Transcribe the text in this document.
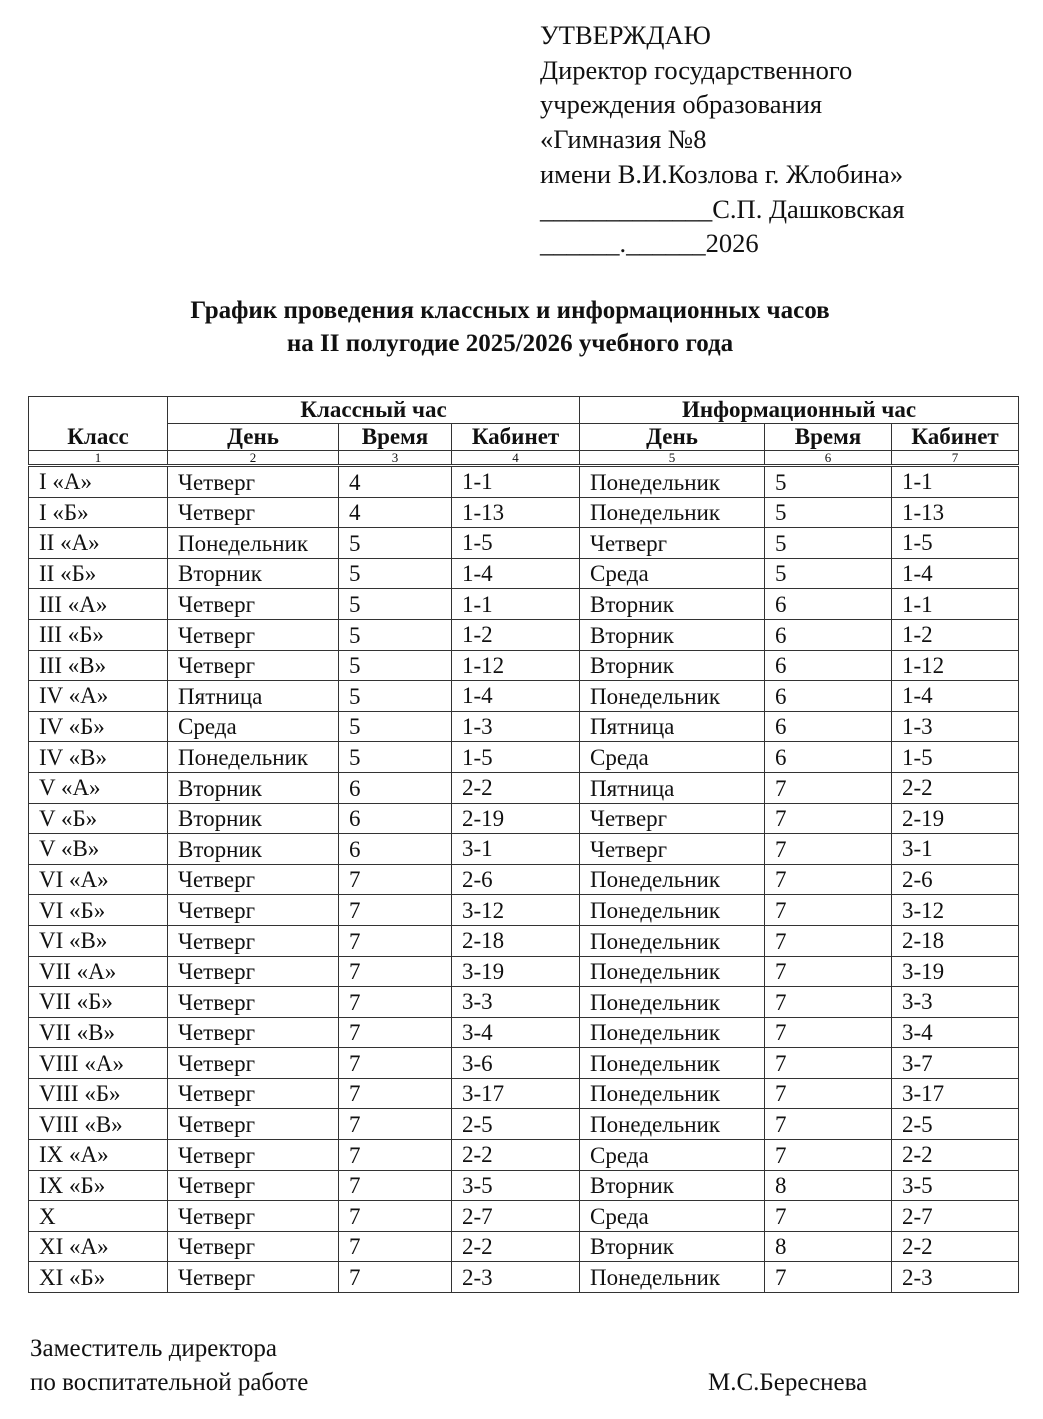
УТВЕРЖДАЮ
Директор государственного
учреждения образования
«Гимназия №8
имени В.И.Козлова г. Жлобина»
_____________С.П. Дашковская
______.______2026
График проведения классных и информационных часов
на II полугодие 2025/2026 учебного года
Класс	Классный час			Информационный час		
	День	Время	Кабинет	День	Время	Кабинет
1	2	3	4	5	6	7
I «А»	Четверг	4	1-1	Понедельник	5	1-1
I «Б»	Четверг	4	1-13	Понедельник	5	1-13
II «А»	Понедельник	5	1-5	Четверг	5	1-5
II «Б»	Вторник	5	1-4	Среда	5	1-4
III «А»	Четверг	5	1-1	Вторник	6	1-1
III «Б»	Четверг	5	1-2	Вторник	6	1-2
III «В»	Четверг	5	1-12	Вторник	6	1-12
IV «А»	Пятница	5	1-4	Понедельник	6	1-4
IV «Б»	Среда	5	1-3	Пятница	6	1-3
IV «В»	Понедельник	5	1-5	Среда	6	1-5
V «А»	Вторник	6	2-2	Пятница	7	2-2
V «Б»	Вторник	6	2-19	Четверг	7	2-19
V «В»	Вторник	6	3-1	Четверг	7	3-1
VI «А»	Четверг	7	2-6	Понедельник	7	2-6
VI «Б»	Четверг	7	3-12	Понедельник	7	3-12
VI «В»	Четверг	7	2-18	Понедельник	7	2-18
VII «А»	Четверг	7	3-19	Понедельник	7	3-19
VII «Б»	Четверг	7	3-3	Понедельник	7	3-3
VII «В»	Четверг	7	3-4	Понедельник	7	3-4
VIII «А»	Четверг	7	3-6	Понедельник	7	3-7
VIII «Б»	Четверг	7	3-17	Понедельник	7	3-17
VIII «В»	Четверг	7	2-5	Понедельник	7	2-5
IX «А»	Четверг	7	2-2	Среда	7	2-2
IX «Б»	Четверг	7	3-5	Вторник	8	3-5
X	Четверг	7	2-7	Среда	7	2-7
XI «А»	Четверг	7	2-2	Вторник	8	2-2
XI «Б»	Четверг	7	2-3	Понедельник	7	2-3
Заместитель директора
по воспитательной работе	М.С.Береснева
